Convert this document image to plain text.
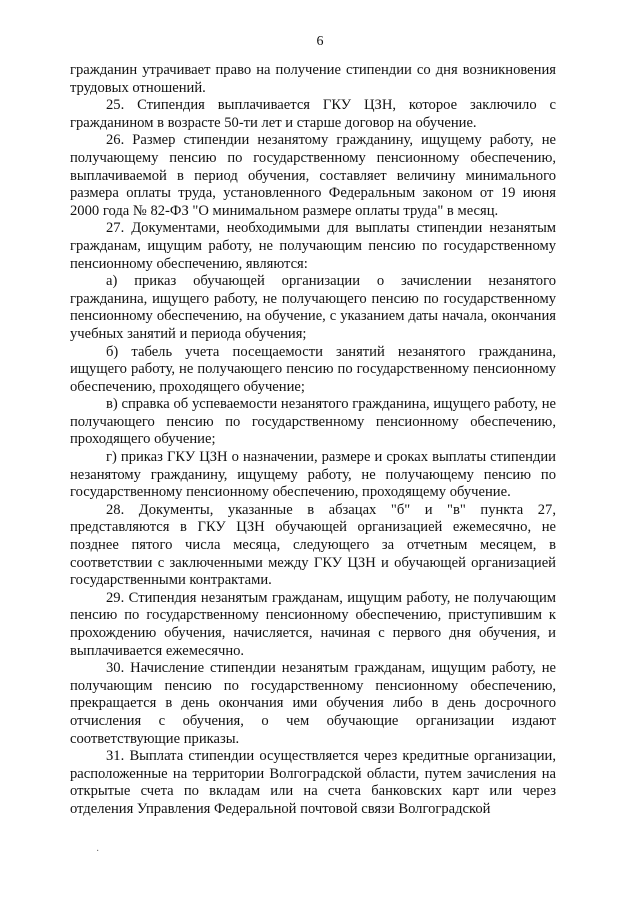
6

гражданин утрачивает право на получение стипендии со дня возникновения трудовых отношений.

25. Стипендия выплачивается ГКУ ЦЗН, которое заключило с гражданином в возрасте 50-ти лет и старше договор на обучение.

26. Размер стипендии незанятому гражданину, ищущему работу, не получающему пенсию по государственному пенсионному обеспечению, выплачиваемой в период обучения, составляет величину минимального размера оплаты труда, установленного Федеральным законом от 19 июня 2000 года № 82-ФЗ "О минимальном размере оплаты труда" в месяц.

27. Документами, необходимыми для выплаты стипендии незанятым гражданам, ищущим работу, не получающим пенсию по государственному пенсионному обеспечению, являются:

а) приказ обучающей организации о зачислении незанятого гражданина, ищущего работу, не получающего пенсию по государственному пенсионному обеспечению, на обучение, с указанием даты начала, окончания учебных занятий и периода обучения;

б) табель учета посещаемости занятий незанятого гражданина, ищущего работу, не получающего пенсию по государственному пенсионному обеспечению, проходящего обучение;

в) справка об успеваемости незанятого гражданина, ищущего работу, не получающего пенсию по государственному пенсионному обеспечению, проходящего обучение;

г) приказ ГКУ ЦЗН о назначении, размере и сроках выплаты стипендии незанятому гражданину, ищущему работу, не получающему пенсию по государственному пенсионному обеспечению, проходящему обучение.

28. Документы, указанные в абзацах "б" и "в" пункта 27, представляются в ГКУ ЦЗН обучающей организацией ежемесячно, не позднее пятого числа месяца, следующего за отчетным месяцем, в соответствии с заключенными между ГКУ ЦЗН и обучающей организацией государственными контрактами.

29. Стипендия незанятым гражданам, ищущим работу, не получающим пенсию по государственному пенсионному обеспечению, приступившим к прохождению обучения, начисляется, начиная с первого дня обучения, и выплачивается ежемесячно.

30. Начисление стипендии незанятым гражданам, ищущим работу, не получающим пенсию по государственному пенсионному обеспечению, прекращается в день окончания ими обучения либо в день досрочного отчисления с обучения, о чем обучающие организации издают соответствующие приказы.

31. Выплата стипендии осуществляется через кредитные организации, расположенные на территории Волгоградской области, путем зачисления на открытые счета по вкладам или на счета банковских карт или через отделения Управления Федеральной почтовой связи Волгоградской

·
